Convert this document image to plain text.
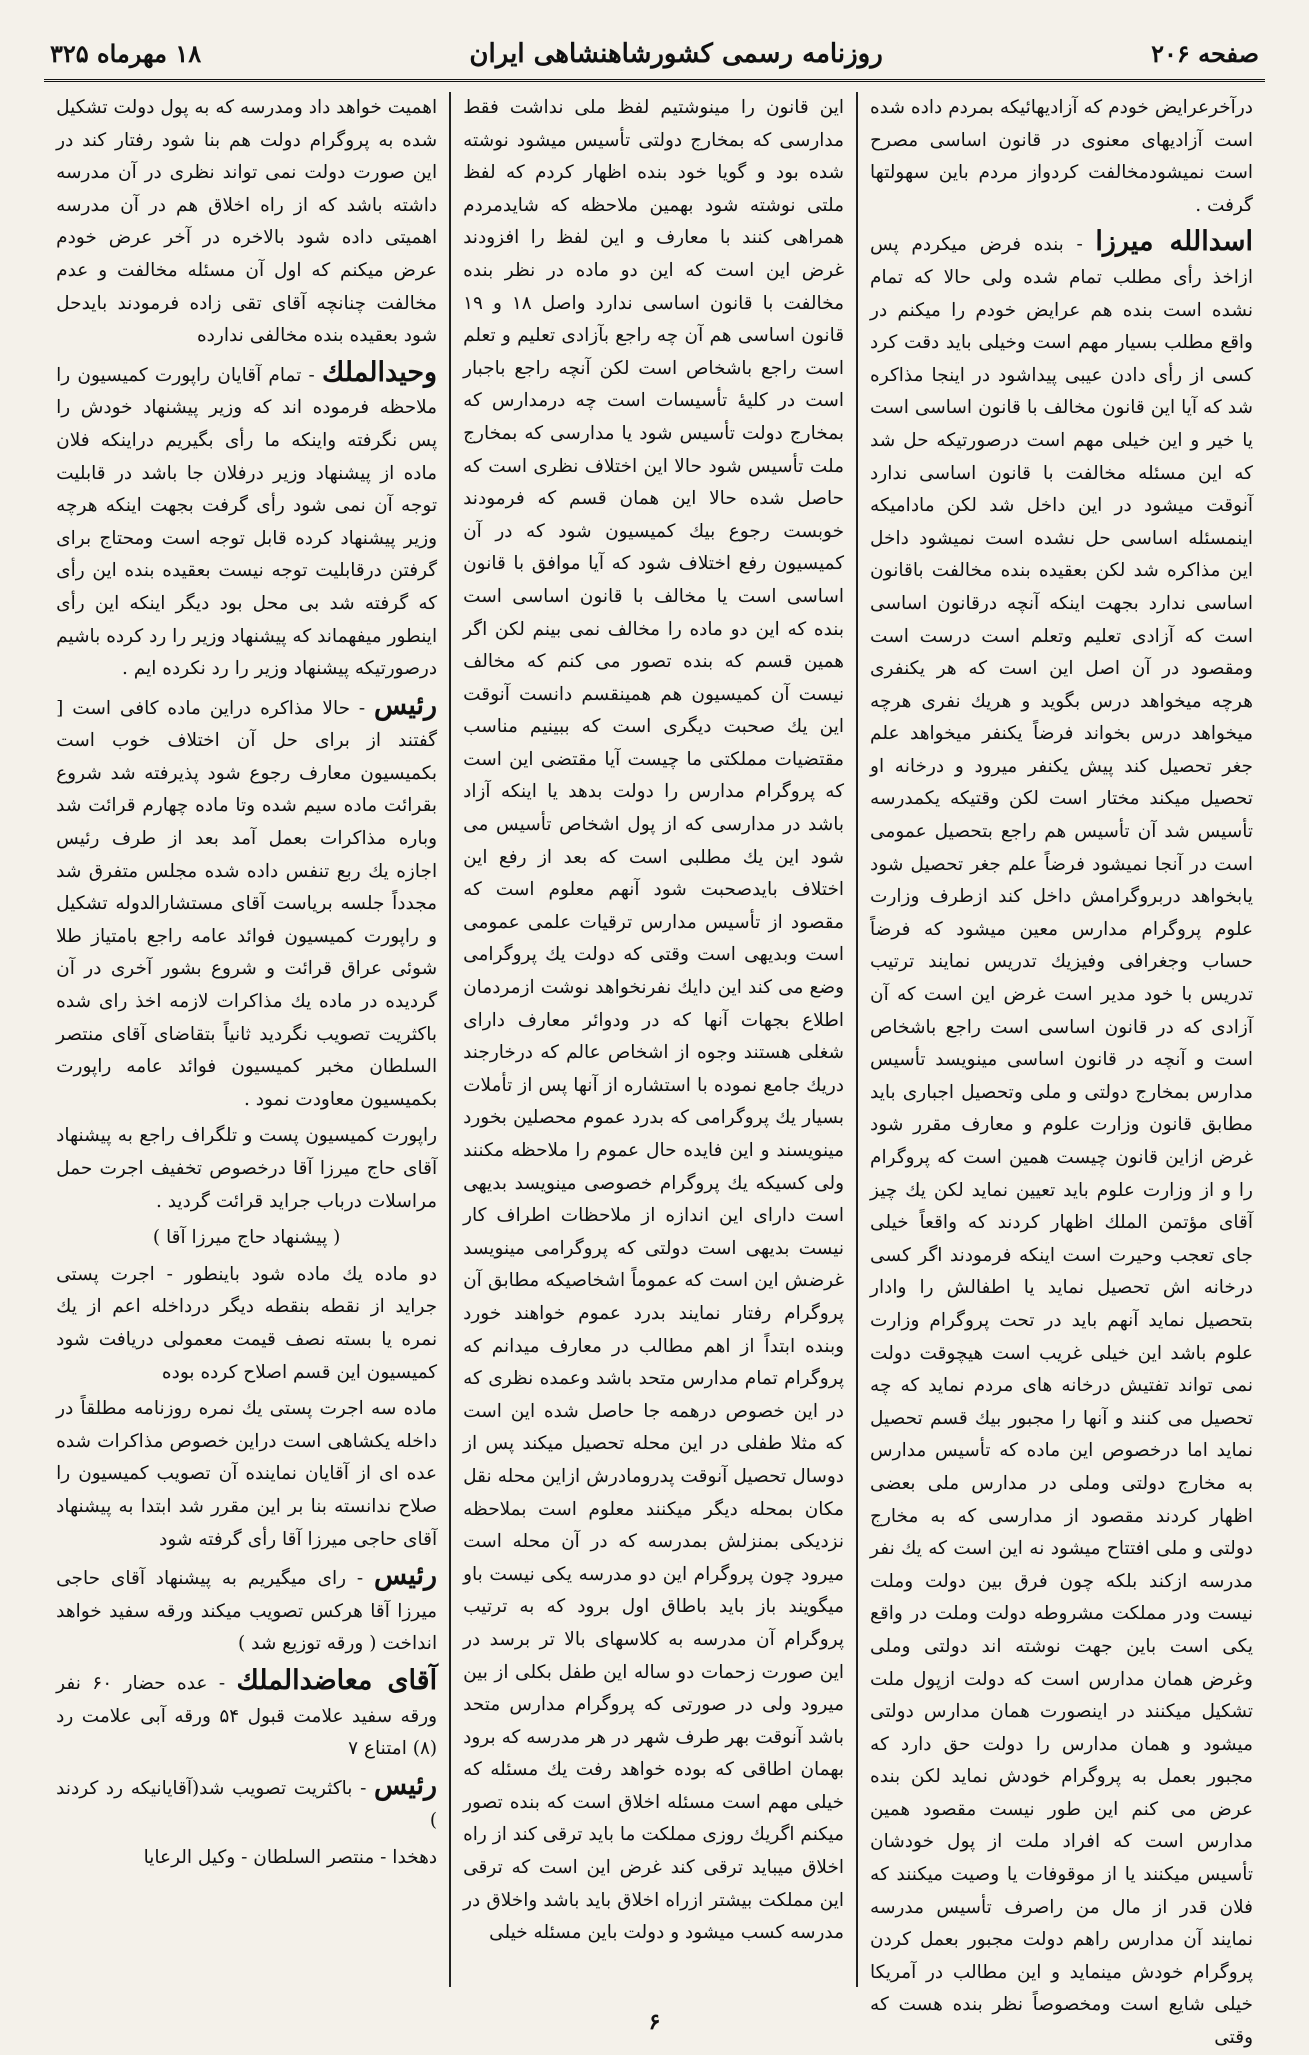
صفحه ۲۰۶
روزنامه رسمی کشورشاهنشاهی ایران
۱۸ مهرماه ۳۲۵

درآخرعرایض خودم که آزادیهائیکه بمردم داده شده است آزادیهای معنوی در قانون اساسی مصرح است نمیشودمخالفت کردواز مردم باین سهولتها گرفت .

اسدالله میرزا - بنده فرض میکردم پس ازاخذ رأی مطلب تمام شده ولی حالا که تمام نشده است بنده هم عرایض خودم را میکنم در واقع مطلب بسیار مهم است وخیلی باید دقت کرد کسی از رأی دادن عیبی پیداشود در اینجا مذاکره شد که آیا این قانون مخالف با قانون اساسی است یا خیر و این خیلی مهم است درصورتیکه حل شد که این مسئله مخالفت با قانون اساسی ندارد آنوقت میشود در این داخل شد لکن مادامیکه اینمسئله اساسی حل نشده است نمیشود داخل این مذاکره شد لکن بعقیده بنده مخالفت باقانون اساسی ندارد بجهت اینکه آنچه درقانون اساسی است که آزادی تعلیم وتعلم است درست است ومقصود در آن اصل این است که هر یکنفری هرچه میخواهد درس بگوید و هریك نفری هرچه میخواهد درس بخواند فرضاً یکنفر میخواهد علم جغر تحصیل کند پیش یکنفر میرود و درخانه او تحصیل میکند مختار است لکن وقتیکه یکمدرسه تأسیس شد آن تأسیس هم راجع بتحصیل عمومی است در آنجا نمیشود فرضاً علم جغر تحصیل شود یابخواهد دربروگرامش داخل کند ازطرف وزارت علوم پروگرام مدارس معین میشود که فرضاً حساب وجغرافی وفیزیك تدریس نمایند ترتیب تدریس با خود مدیر است غرض این است که آن آزادی که در قانون اساسی است راجع باشخاص است و آنچه در قانون اساسی مینویسد تأسیس مدارس بمخارج دولتی و ملی وتحصیل اجباری باید مطابق قانون وزارت علوم و معارف مقرر شود غرض ازاین قانون چیست همین است که پروگرام را و از وزارت علوم باید تعیین نماید لکن یك چیز آقای مؤتمن الملك اظهار کردند که واقعاً خیلی جای تعجب وحیرت است اینکه فرمودند اگر کسی درخانه اش تحصیل نماید یا اطفالش را وادار بتحصیل نماید آنهم باید در تحت پروگرام وزارت علوم باشد این خیلی غریب است هیچوقت دولت نمی تواند تفتیش درخانه های مردم نماید که چه تحصیل می کنند و آنها را مجبور بیك قسم تحصیل نماید اما درخصوص این ماده که تأسیس مدارس به مخارج دولتی وملی در مدارس ملی بعضی اظهار کردند مقصود از مدارسی که به مخارج دولتی و ملی افتتاح میشود نه این است که یك نفر مدرسه ازکند بلکه چون فرق بین دولت وملت نیست ودر مملکت مشروطه دولت وملت در واقع یکی است باین جهت نوشته اند دولتی وملی وغرض همان مدارس است که دولت ازپول ملت تشکیل میکنند در اینصورت همان مدارس دولتی میشود و همان مدارس را دولت حق دارد که مجبور بعمل به پروگرام خودش نماید لکن بنده عرض می کنم این طور نیست مقصود همین مدارس است که افراد ملت از پول خودشان تأسیس میکنند یا از موقوفات یا وصیت میکنند که فلان قدر از مال من راصرف تأسیس مدرسه نمایند آن مدارس راهم دولت مجبور بعمل کردن پروگرام خودش مینماید و این مطالب در آمریکا خیلی شایع است ومخصوصاً نظر بنده هست که وقتی

این قانون را مینوشتیم لفظ ملی نداشت فقط مدارسی که بمخارج دولتی تأسیس میشود نوشته شده بود و گویا خود بنده اظهار کردم که لفظ ملتی نوشته شود بهمین ملاحظه که شایدمردم همراهی کنند با معارف و این لفظ را افزودند غرض این است که این دو ماده در نظر بنده مخالفت با قانون اساسی ندارد واصل ۱۸ و ۱۹ قانون اساسی هم آن چه راجع بآزادی تعلیم و تعلم است راجع باشخاص است لکن آنچه راجع باجبار است در کلیهٔ تأسیسات است چه درمدارس که بمخارج دولت تأسیس شود یا مدارسی که بمخارج ملت تأسیس شود حالا این اختلاف نظری است که حاصل شده حالا این همان قسم که فرمودند خوبست رجوع بیك کمیسیون شود که در آن کمیسیون رفع اختلاف شود که آیا موافق با قانون اساسی است یا مخالف با قانون اساسی است بنده که این دو ماده را مخالف نمی بینم لکن اگر همین قسم که بنده تصور می کنم که مخالف نیست آن کمیسیون هم همینقسم دانست آنوقت این یك صحبت دیگری است که ببینیم مناسب مقتضیات مملکتی ما چیست آیا مقتضی این است که پروگرام مدارس را دولت بدهد یا اینکه آزاد باشد در مدارسی که از پول اشخاص تأسیس می شود این یك مطلبی است که بعد از رفع این اختلاف بایدصحبت شود آنهم معلوم است که مقصود از تأسیس مدارس ترقیات علمی عمومی است وبدیهی است وقتی که دولت یك پروگرامی وضع می کند این دایك نفرنخواهد نوشت ازمردمان اطلاع بجهات آنها که در ودوائر معارف دارای شغلی هستند وجوه از اشخاص عالم که درخارجند دریك جامع نموده با استشاره از آنها پس از تأملات بسیار یك پروگرامی که بدرد عموم محصلین بخورد مینویسند و این فایده حال عموم را ملاحظه مکنند ولی کسیکه یك پروگرام خصوصی مینویسد بدیهی است دارای این اندازه از ملاحظات اطراف کار نیست بدیهی است دولتی که پروگرامی مینویسد غرضش این است که عموماً اشخاصیکه مطابق آن پروگرام رفتار نمایند بدرد عموم خواهند خورد وبنده ابتداً از اهم مطالب در معارف میدانم که پروگرام تمام مدارس متحد باشد وعمده نظری که در این خصوص درهمه جا حاصل شده این است که مثلا طفلی در این محله تحصیل میکند پس از دوسال تحصیل آنوقت پدرومادرش ازاین محله نقل مکان بمحله دیگر میکنند معلوم است بملاحظه نزدیکی بمنزلش بمدرسه که در آن محله است میرود چون پروگرام این دو مدرسه یکی نیست باو میگویند باز باید باطاق اول برود که به ترتیب پروگرام آن مدرسه به کلاسهای بالا تر برسد در این صورت زحمات دو ساله این طفل بکلی از بین میرود ولی در صورتی که پروگرام مدارس متحد باشد آنوقت بهر طرف شهر در هر مدرسه که برود بهمان اطاقی که بوده خواهد رفت یك مسئله که خیلی مهم است مسئله اخلاق است که بنده تصور میکنم اگریك روزی مملکت ما باید ترقی کند از راه اخلاق میباید ترقی کند غرض این است که ترقی این مملکت بیشتر ازراه اخلاق باید باشد واخلاق در مدرسه کسب میشود و دولت باین مسئله خیلی

اهمیت خواهد داد ومدرسه که به پول دولت تشکیل شده به پروگرام دولت هم بنا شود رفتار کند در این صورت دولت نمی تواند نظری در آن مدرسه داشته باشد که از راه اخلاق هم در آن مدرسه اهمیتی داده شود بالاخره در آخر عرض خودم عرض میکنم که اول آن مسئله مخالفت و عدم مخالفت چنانچه آقای تقی زاده فرمودند بایدحل شود بعقیده بنده مخالفی ندارده

وحیدالملك - تمام آقایان راپورت کمیسیون را ملاحظه فرموده اند که وزیر پیشنهاد خودش را پس نگرفته واینکه ما رأی بگیریم دراینکه فلان ماده از پیشنهاد وزیر درفلان جا باشد در قابلیت توجه آن نمی شود رأی گرفت بجهت اینکه هرچه وزیر پیشنهاد کرده قابل توجه است ومحتاج برای گرفتن درقابلیت توجه نیست بعقیده بنده این رأی که گرفته شد بی محل بود دیگر اینکه این رأی اینطور میفهماند که پیشنهاد وزیر را رد کرده باشیم درصورتیکه پیشنهاد وزیر را رد نکرده ایم .

رئیس - حالا مذاکره دراین ماده کافی است [ گفتند از برای حل آن اختلاف خوب است بکمیسیون معارف رجوع شود پذیرفته شد شروع بقرائت ماده سیم شده وتا ماده چهارم قرائت شد وباره مذاکرات بعمل آمد بعد از طرف رئیس اجازه یك ربع تنفس داده شده مجلس متفرق شد مجدداً جلسه بریاست آقای مستشارالدوله تشکیل و راپورت کمیسیون فوائد عامه راجع بامتیاز طلا شوئی عراق قرائت و شروع بشور آخری در آن گردیده در ماده یك مذاکرات لازمه اخذ رای شده باکثریت تصویب نگردید ثانیاً بتقاضای آقای منتصر السلطان مخبر کمیسیون فوائد عامه راپورت بکمیسیون معاودت نمود .

راپورت کمیسیون پست و تلگراف راجع به پیشنهاد آقای حاج میرزا آقا درخصوص تخفیف اجرت حمل مراسلات درباب جراید قرائت گردید .

( پیشنهاد حاج میرزا آقا )

دو ماده یك ماده شود باینطور - اجرت پستی جراید از نقطه بنقطه دیگر درداخله اعم از یك نمره یا بسته نصف قیمت معمولی دریافت شود کمیسیون این قسم اصلاح کرده بوده

ماده سه اجرت پستی یك نمره روزنامه مطلقاً در داخله یکشاهی است دراین خصوص مذاکرات شده عده ای از آقایان نماینده آن تصویب کمیسیون را صلاح ندانسته بنا بر این مقرر شد ابتدا به پیشنهاد آقای حاجی میرزا آقا رأی گرفته شود

رئیس - رای میگیریم به پیشنهاد آقای حاجی میرزا آقا هرکس تصویب میکند ورقه سفید خواهد انداخت ( ورقه توزیع شد )

آقای معاضدالملك - عده حضار ۶۰ نفر ورقه سفید علامت قبول ۵۴ ورقه آبی علامت رد (۸) امتناع ۷

رئیس - باکثریت تصویب شد(آقایانیکه رد کردند )

دهخدا - منتصر السلطان - وکیل الرعایا

۶
